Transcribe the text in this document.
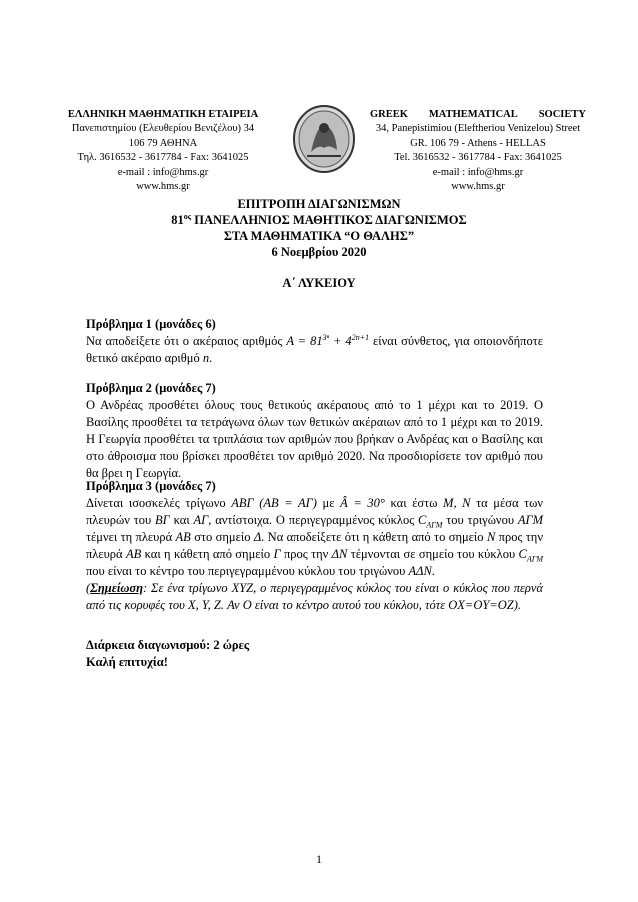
ΕΛΛΗΝΙΚΗ ΜΑΘΗΜΑΤΙΚΗ ΕΤΑΙΡΕΙΑ
Πανεπιστημίου (Ελευθερίου Βενιζέλου) 34
106 79 ΑΘΗΝΑ
Τηλ. 3616532 - 3617784 - Fax: 3641025
e-mail : info@hms.gr
www.hms.gr
GREEK MATHEMATICAL SOCIETY
34, Panepistimiou (Eleftheriou Venizelou) Street
GR. 106 79 - Athens - HELLAS
Tel. 3616532 - 3617784 - Fax: 3641025
e-mail : info@hms.gr
www.hms.gr
ΕΠΙΤΡΟΠΗ ΔΙΑΓΩΝΙΣΜΩΝ
$81^{o\varsigma}$ ΠΑΝΕΛΛΗΝΙΟΣ ΜΑΘΗΤΙΚΟΣ ΔΙΑΓΩΝΙΣΜΟΣ
ΣΤΑ ΜΑΘΗΜΑΤΙΚΑ “Ο ΘΑΛΗΣ”
6 Νοεμβρίου 2020
Α΄ ΛΥΚΕΙΟΥ

Πρόβλημα 1 (μονάδες 6)

Να αποδείξετε ότι ο ακέραιος αριθμός $A = 81^{3^n} + 4^{2n+1}$ είναι σύνθετος, για οποιονδήποτε θετικό ακέραιο αριθμό n.

Πρόβλημα 2 (μονάδες 7)

Ο Ανδρέας προσθέτει όλους τους θετικούς ακέραιους από το 1 μέχρι και το 2019. Ο Βασίλης προσθέτει τα τετράγωνα όλων των θετικών ακέραιων από το 1 μέχρι και το 2019. Η Γεωργία προσθέτει τα τριπλάσια των αριθμών που βρήκαν ο Ανδρέας και ο Βασίλης και στο άθροισμα που βρίσκει προσθέτει τον αριθμό 2020. Να προσδιορίσετε τον αριθμό που θα βρει η Γεωργία.

Πρόβλημα 3 (μονάδες 7)

Δίνεται ισοσκελές τρίγωνο ΑΒΓ (ΑΒ = ΑΓ) με Â = 30° και έστω Μ, Ν τα μέσα των πλευρών του ΒΓ και ΑΓ, αντίστοιχα. Ο περιγεγραμμένος κύκλος $C_{A\Gamma M}$ του τριγώνου ΑΓΜ τέμνει τη πλευρά ΑΒ στο σημείο Δ. Να αποδείξετε ότι η κάθετη από το σημείο Ν προς την πλευρά ΑΒ και η κάθετη από σημείο Γ προς την ΔΝ τέμνονται σε σημείο του κύκλου $C_{A\Gamma M}$ που είναι το κέντρο του περιγεγραμμένου κύκλου του τριγώνου ΑΔΝ.

(Σημείωση: Σε ένα τρίγωνο XYZ, ο περιγεγραμμένος κύκλος του είναι ο κύκλος που περνά από τις κορυφές του X, Y, Z. Αν O είναι το κέντρο αυτού του κύκλου, τότε OX=OY=OZ).

Διάρκεια διαγωνισμού: 2 ώρες

Καλή επιτυχία!

1
